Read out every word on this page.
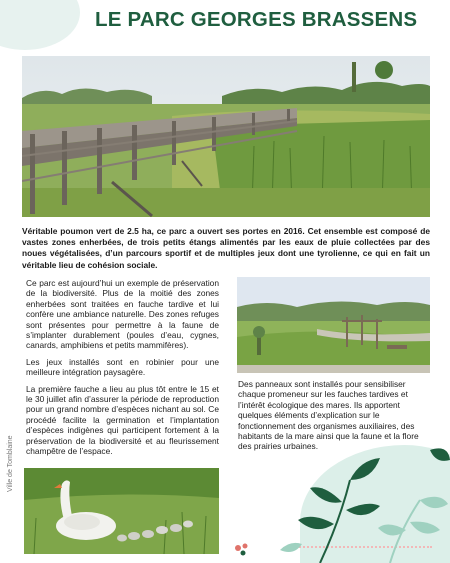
LE PARC GEORGES BRASSENS

Véritable poumon vert de 2.5 ha, ce parc a ouvert ses portes en 2016. Cet ensemble est composé de vastes zones enherbées, de trois petits étangs alimentés par les eaux de pluie collectées par des noues végétalisées, d’un parcours sportif et de multiples jeux dont une tyrolienne, ce qui en fait un véritable lieu de cohésion sociale.

Ce parc est aujourd’hui un exemple de préservation de la biodiversité. Plus de la moitié des zones enherbées sont traitées en fauche tardive et lui confère une ambiance naturelle. Des zones refuges sont présentes pour permettre à la faune de s’implanter durablement (poules d’eau, cygnes, canards, amphibiens et petits mammifères).

Les jeux installés sont en robinier pour une meilleure intégration paysagère.

La première fauche a lieu au plus tôt entre le 15 et le 30 juillet afin d’assurer la période de reproduction pour un grand nombre d’espèces nichant au sol. Ce procédé facilite la germination et l’implantation d’espèces indigènes qui participent fortement à la préservation de la biodiversité et au fleurissement champêtre de l’espace.

Des panneaux sont installés pour sensibiliser chaque promeneur sur les fauches tardives et l’intérêt écologique des mares. Ils apportent quelques éléments d’explication sur le fonctionnement des organismes auxiliaires, des habitants de la mare ainsi que la faune et la flore des prairies urbaines.

Ville de Tomblaine
